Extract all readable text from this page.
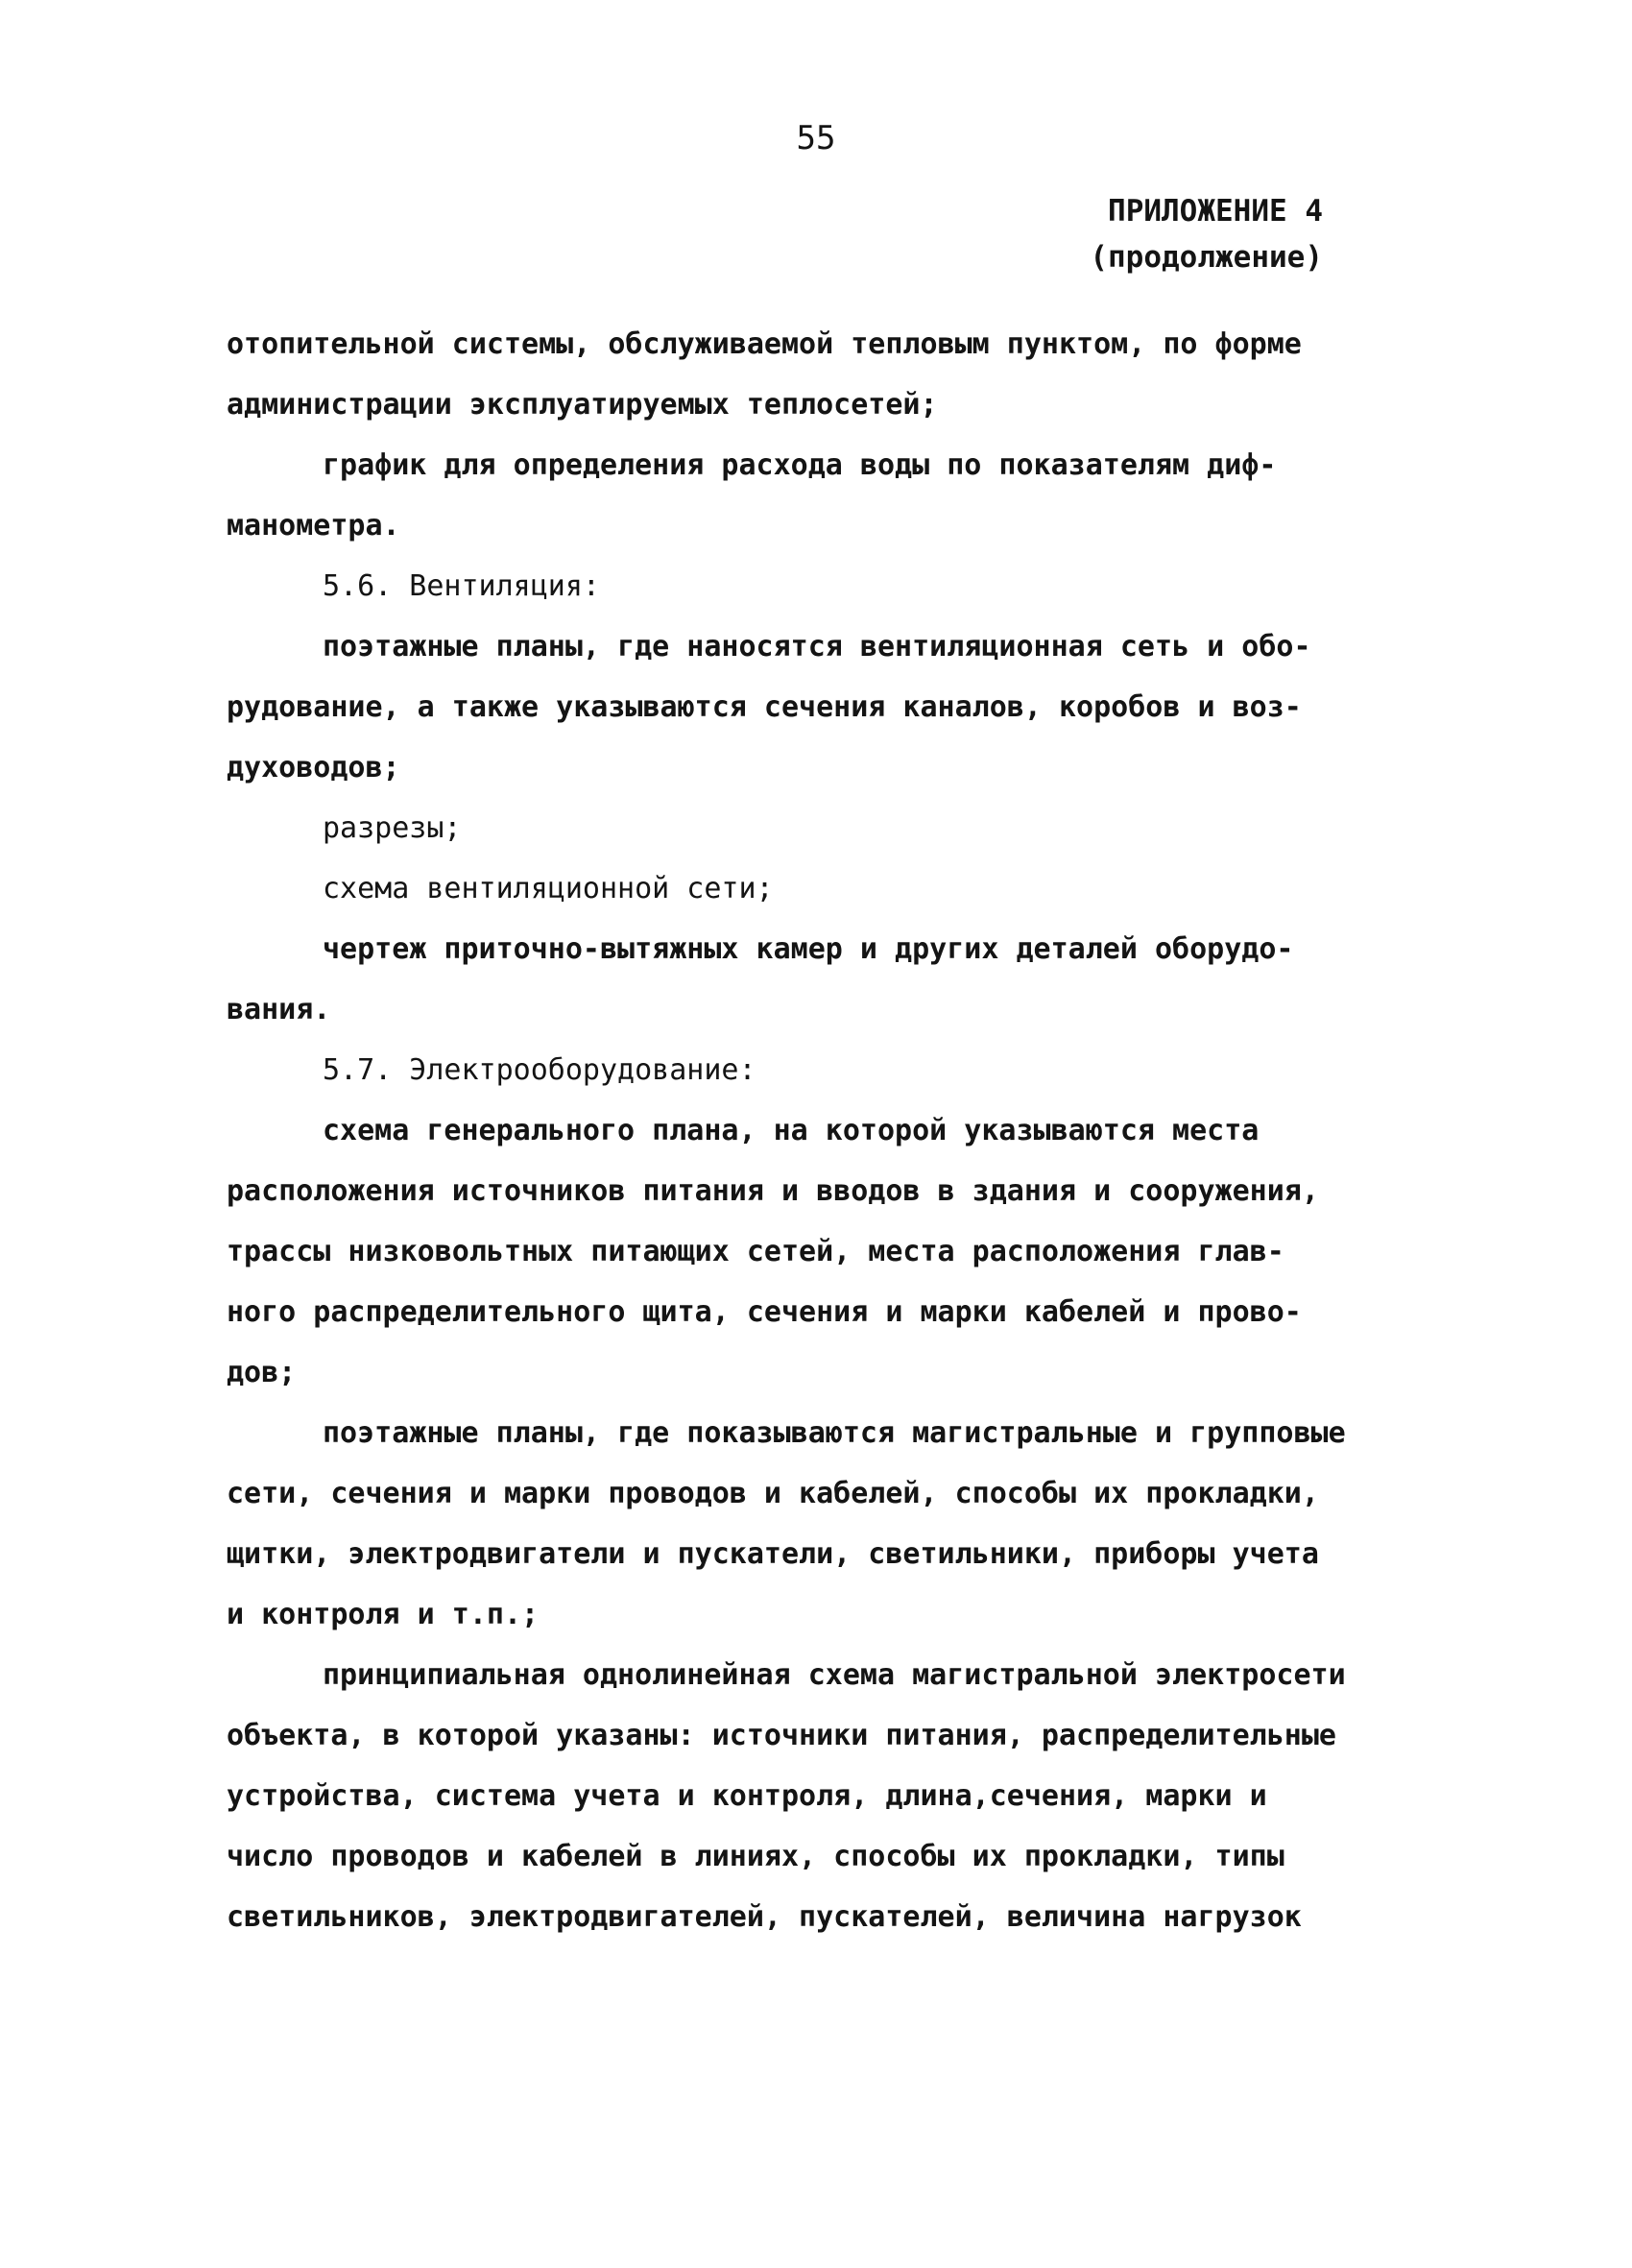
55
ПРИЛОЖЕНИЕ 4
(продолжение)
отопительной системы, обслуживаемой тепловым пунктом, по форме
администрации эксплуатируемых теплосетей;
график для определения расхода воды по показателям диф-
манометра.
5.6. Вентиляция:
поэтажные планы, где наносятся вентиляционная сеть и обо-
рудование, а также указываются сечения каналов, коробов и воз-
духоводов;
разрезы;
схема вентиляционной сети;
чертеж приточно-вытяжных камер и других деталей оборудо-
вания.
5.7. Электрооборудование:
схема генерального плана, на которой указываются места
расположения источников питания и вводов в здания и сооружения,
трассы низковольтных питающих сетей, места расположения глав-
ного распределительного щита, сечения и марки кабелей и прово-
дов;
поэтажные планы, где показываются магистральные и групповые
сети, сечения и марки проводов и кабелей, способы их прокладки,
щитки, электродвигатели и пускатели, светильники, приборы учета
и контроля и т.п.;
принципиальная однолинейная схема магистральной электросети
объекта, в которой указаны: источники питания, распределительные
устройства, система учета и контроля, длина,сечения, марки и
число проводов и кабелей в линиях, способы их прокладки, типы
светильников, электродвигателей, пускателей, величина нагрузок
